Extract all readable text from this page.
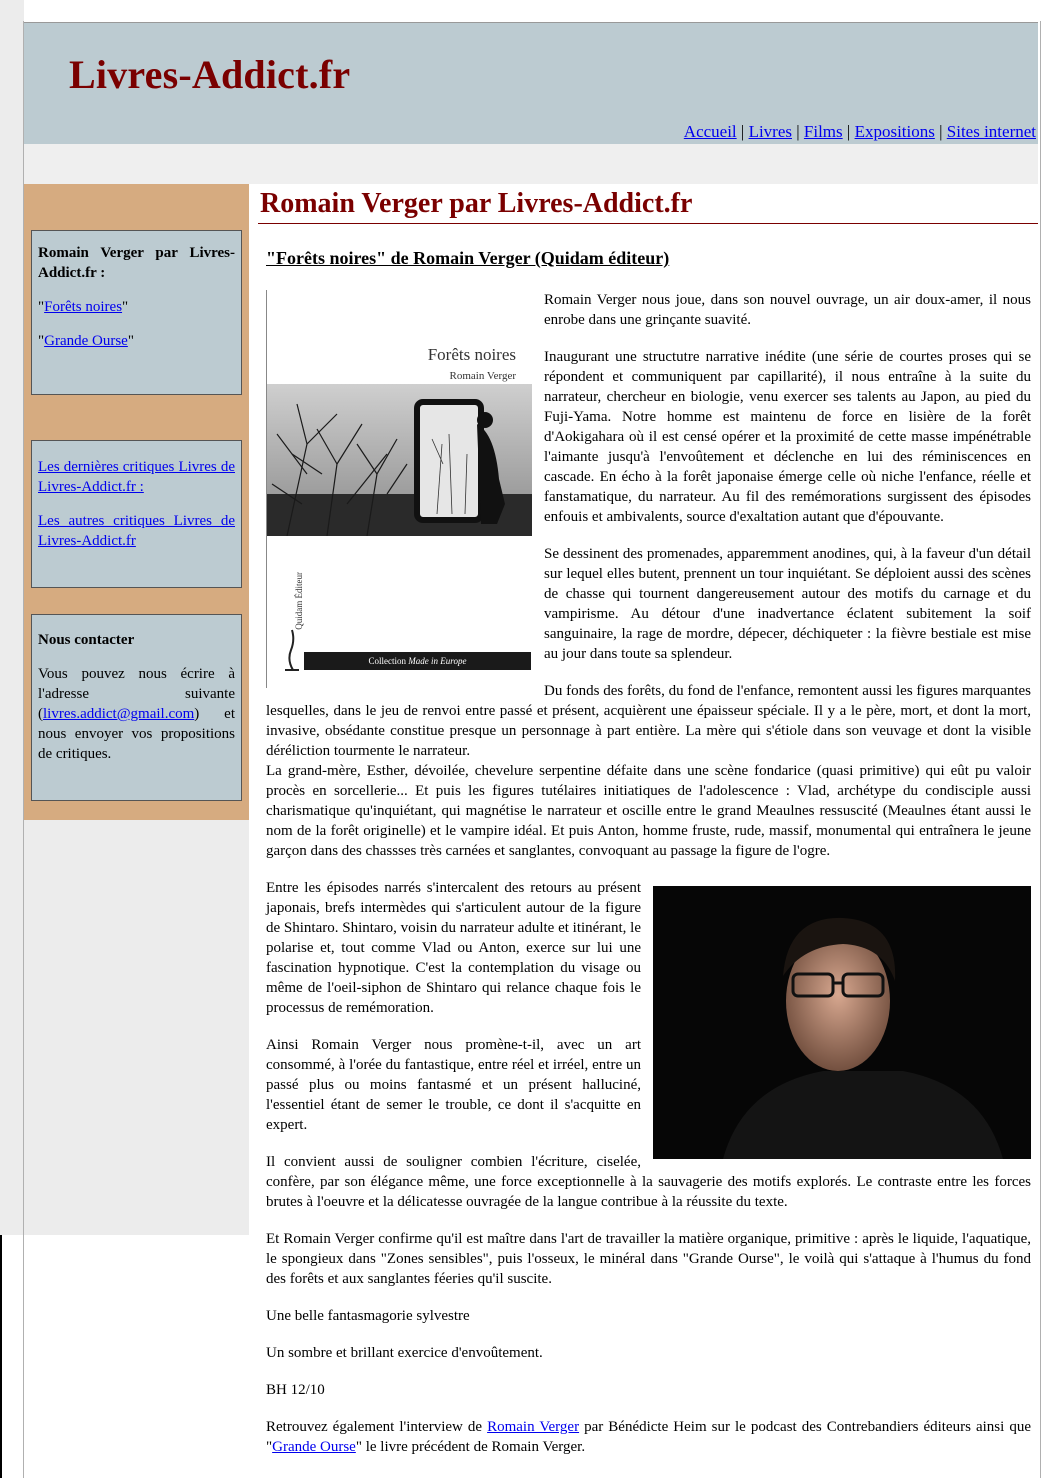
Livres-Addict.fr
Accueil | Livres | Films | Expositions | Sites internet

Romain Verger par Livres-Addict.fr :

"Forêts noires"

"Grande Ourse"

Les dernières critiques Livres de Livres-Addict.fr :

Les autres critiques Livres de Livres-Addict.fr

Nous contacter

Vous pouvez nous écrire à l'adresse suivante (livres.addict@gmail.com) et nous envoyer vos propositions de critiques.

Romain Verger par Livres-Addict.fr
"Forêts noires" de Romain Verger (Quidam éditeur)
Forêts noires
Romain Verger
Quidam Éditeur
Collection Made in Europe

Romain Verger nous joue, dans son nouvel ouvrage, un air doux-amer, il nous enrobe dans une grinçante suavité.

Inaugurant une structutre narrative inédite (une série de courtes proses qui se répondent et communiquent par capillarité), il nous entraîne à la suite du narrateur, chercheur en biologie, venu exercer ses talents au Japon, au pied du Fuji-Yama. Notre homme est maintenu de force en lisière de la forêt d'Aokigahara où il est censé opérer et la proximité de cette masse impénétrable l'aimante jusqu'à l'envoûtement et déclenche en lui des réminiscences en cascade. En écho à la forêt japonaise émerge celle où niche l'enfance, réelle et fanstamatique, du narrateur. Au fil des remémorations surgissent des épisodes enfouis et ambivalents, source d'exaltation autant que d'épouvante.

Se dessinent des promenades, apparemment anodines, qui, à la faveur d'un détail sur lequel elles butent, prennent un tour inquiétant. Se déploient aussi des scènes de chasse qui tournent dangereusement autour des motifs du carnage et du vampirisme. Au détour d'une inadvertance éclatent subitement la soif sanguinaire, la rage de mordre, dépecer, déchiqueter : la fièvre bestiale est mise au jour dans toute sa splendeur.

Du fonds des forêts, du fond de l'enfance, remontent aussi les figures marquantes lesquelles, dans le jeu de renvoi entre passé et présent, acquièrent une épaisseur spéciale. Il y a le père, mort, et dont la mort, invasive, obsédante constitue presque un personnage à part entière. La mère qui s'étiole dans son veuvage et dont la visible déréliction tourmente le narrateur.

La grand-mère, Esther, dévoilée, chevelure serpentine défaite dans une scène fondarice (quasi primitive) qui eût pu valoir procès en sorcellerie... Et puis les figures tutélaires initiatiques de l'adolescence : Vlad, archétype du condisciple aussi charismatique qu'inquiétant, qui magnétise le narrateur et oscille entre le grand Meaulnes ressuscité (Meaulnes étant aussi le nom de la forêt originelle) et le vampire idéal. Et puis Anton, homme fruste, rude, massif, monumental qui entraînera le jeune garçon dans des chassses très carnées et sanglantes, convoquant au passage la figure de l'ogre.

Entre les épisodes narrés s'intercalent des retours au présent japonais, brefs intermèdes qui s'articulent autour de la figure de Shintaro. Shintaro, voisin du narrateur adulte et itinérant, le polarise et, tout comme Vlad ou Anton, exerce sur lui une fascination hypnotique. C'est la contemplation du visage ou même de l'oeil-siphon de Shintaro qui relance chaque fois le processus de remémoration.

Ainsi Romain Verger nous promène-t-il, avec un art consommé, à l'orée du fantastique, entre réel et irréel, entre un passé plus ou moins fantasmé et un présent halluciné, l'essentiel étant de semer le trouble, ce dont il s'acquitte en expert.

Il convient aussi de souligner combien l'écriture, ciselée, confère, par son élégance même, une force exceptionnelle à la sauvagerie des motifs explorés. Le contraste entre les forces brutes à l'oeuvre et la délicatesse ouvragée de la langue contribue à la réussite du texte.

Et Romain Verger confirme qu'il est maître dans l'art de travailler la matière organique, primitive : après le liquide, l'aquatique, le spongieux dans "Zones sensibles", puis l'osseux, le minéral dans "Grande Ourse", le voilà qui s'attaque à l'humus du fond des forêts et aux sanglantes féeries qu'il suscite.

Une belle fantasmagorie sylvestre

Un sombre et brillant exercice d'envoûtement.

BH 12/10

Retrouvez également l'interview de Romain Verger par Bénédicte Heim sur le podcast des Contrebandiers éditeurs ainsi que "Grande Ourse" le livre précédent de Romain Verger.
